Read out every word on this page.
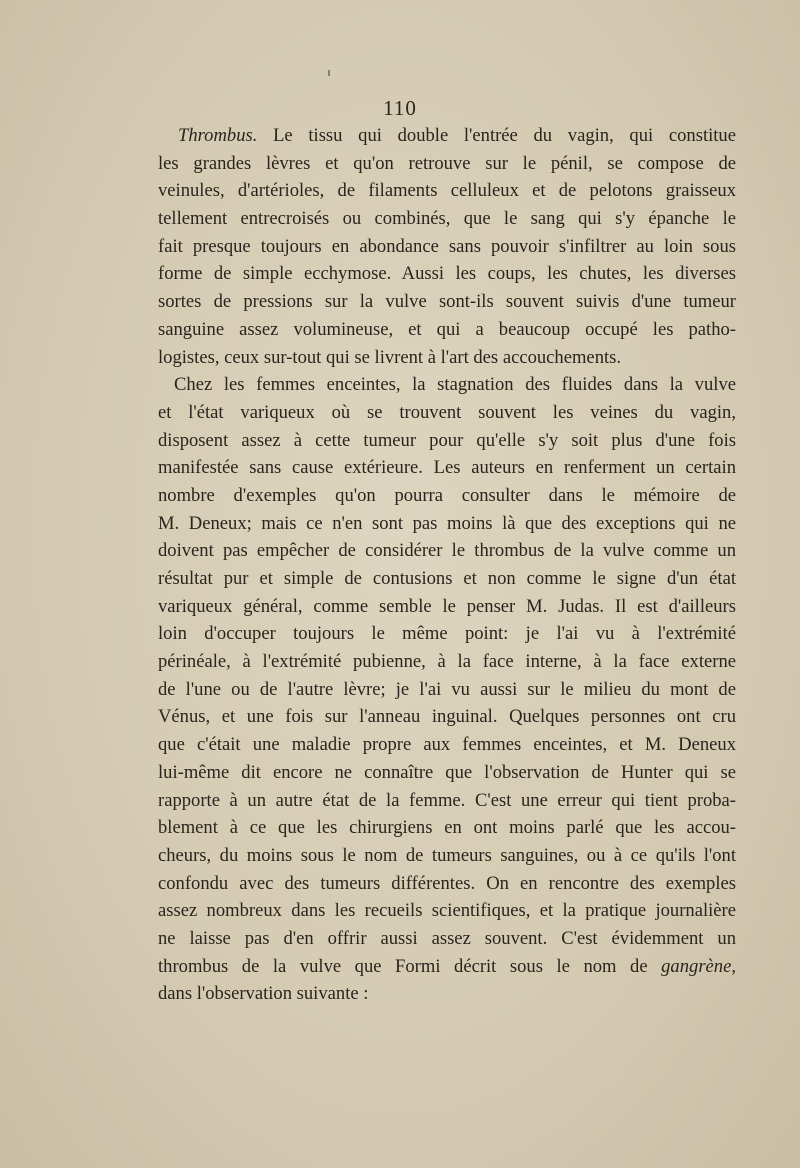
110
Thrombus. Le tissu qui double l'entrée du vagin, qui constitue
les grandes lèvres et qu'on retrouve sur le pénil, se compose de
veinules, d'artérioles, de filaments celluleux et de pelotons graisseux
tellement entrecroisés ou combinés, que le sang qui s'y épanche le
fait presque toujours en abondance sans pouvoir s'infiltrer au loin sous
forme de simple ecchymose. Aussi les coups, les chutes, les diverses
sortes de pressions sur la vulve sont-ils souvent suivis d'une tumeur
sanguine assez volumineuse, et qui a beaucoup occupé les patho-
logistes, ceux sur-tout qui se livrent à l'art des accouchements.
Chez les femmes enceintes, la stagnation des fluides dans la vulve
et l'état variqueux où se trouvent souvent les veines du vagin,
disposent assez à cette tumeur pour qu'elle s'y soit plus d'une fois
manifestée sans cause extérieure. Les auteurs en renferment un certain
nombre d'exemples qu'on pourra consulter dans le mémoire de
M. Deneux; mais ce n'en sont pas moins là que des exceptions qui ne
doivent pas empêcher de considérer le thrombus de la vulve comme un
résultat pur et simple de contusions et non comme le signe d'un état
variqueux général, comme semble le penser M. Judas. Il est d'ailleurs
loin d'occuper toujours le même point: je l'ai vu à l'extrémité
périnéale, à l'extrémité pubienne, à la face interne, à la face externe
de l'une ou de l'autre lèvre; je l'ai vu aussi sur le milieu du mont de
Vénus, et une fois sur l'anneau inguinal. Quelques personnes ont cru
que c'était une maladie propre aux femmes enceintes, et M. Deneux
lui-même dit encore ne connaître que l'observation de Hunter qui se
rapporte à un autre état de la femme. C'est une erreur qui tient proba-
blement à ce que les chirurgiens en ont moins parlé que les accou-
cheurs, du moins sous le nom de tumeurs sanguines, ou à ce qu'ils l'ont
confondu avec des tumeurs différentes. On en rencontre des exemples
assez nombreux dans les recueils scientifiques, et la pratique journalière
ne laisse pas d'en offrir aussi assez souvent. C'est évidemment un
thrombus de la vulve que Formi décrit sous le nom de gangrène,
dans l'observation suivante :
